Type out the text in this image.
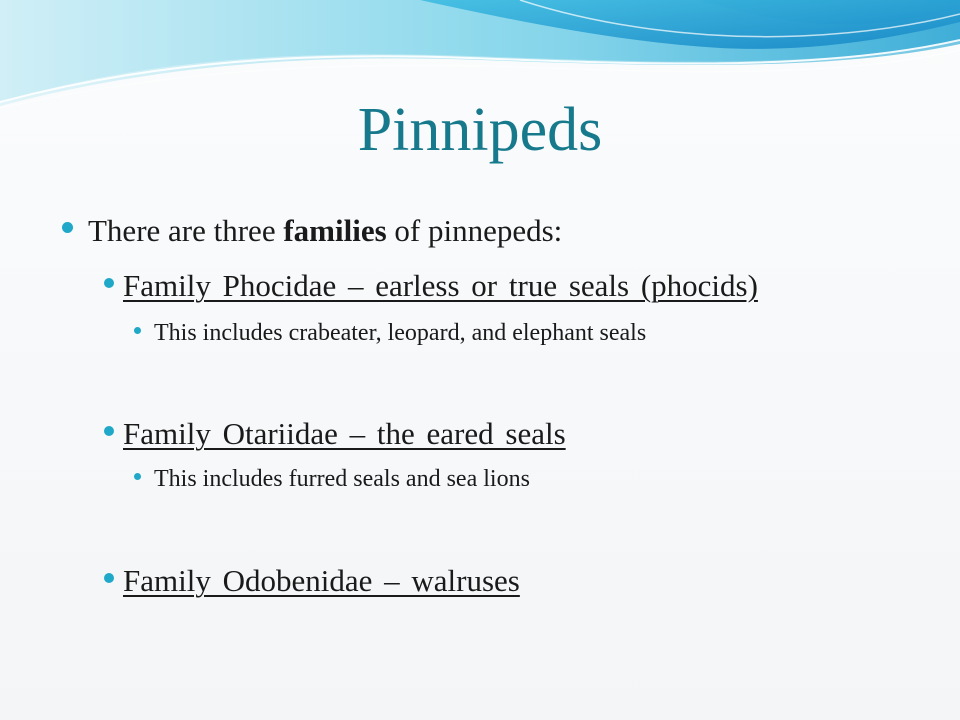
Pinnipeds
There are three families of pinnepeds:
Family Phocidae – earless or true seals (phocids)
This includes crabeater, leopard, and elephant seals
Family Otariidae – the eared seals
This includes furred seals and sea lions
Family Odobenidae – walruses
